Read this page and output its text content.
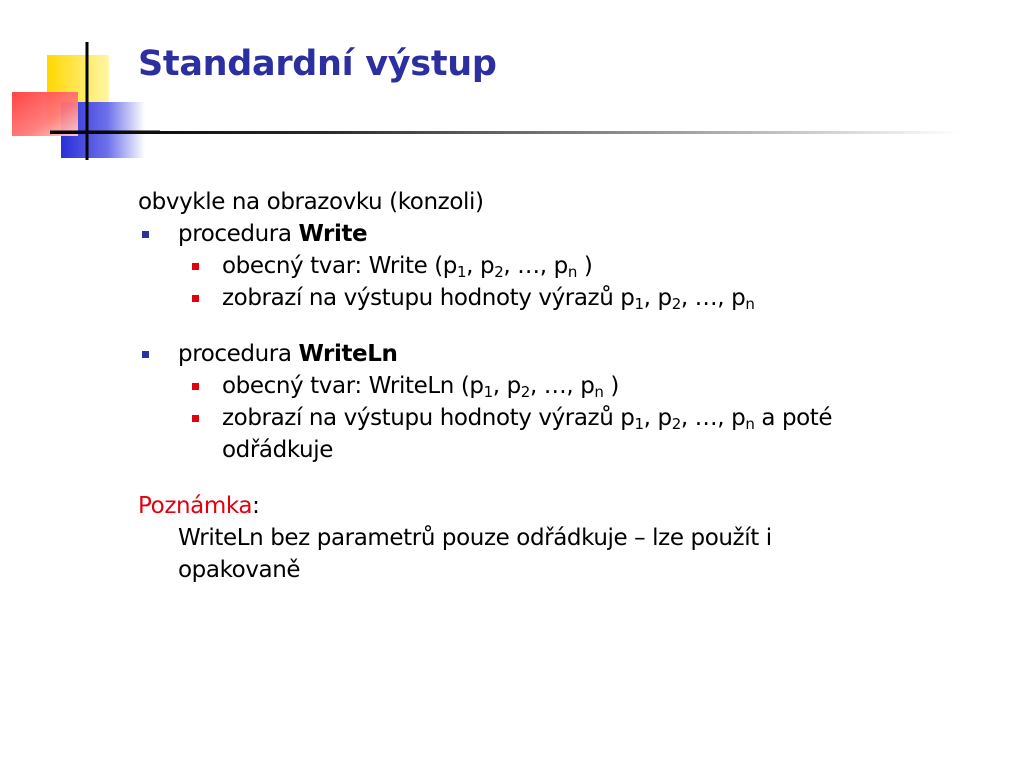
Standardní výstup
obvykle na obrazovku (konzoli)
procedura Write
obecný tvar: Write ($p_1$, $p_2$, …, $p_n$ )
zobrazí na výstupu hodnoty výrazů $p_1$, $p_2$, …, $p_n$
procedura WriteLn
obecný tvar: WriteLn ($p_1$, $p_2$, …, $p_n$ )
zobrazí na výstupu hodnoty výrazů $p_1$, $p_2$, …, $p_n$ a poté
odřádkuje
Poznámka:
WriteLn bez parametrů pouze odřádkuje – lze použít i
opakovaně
